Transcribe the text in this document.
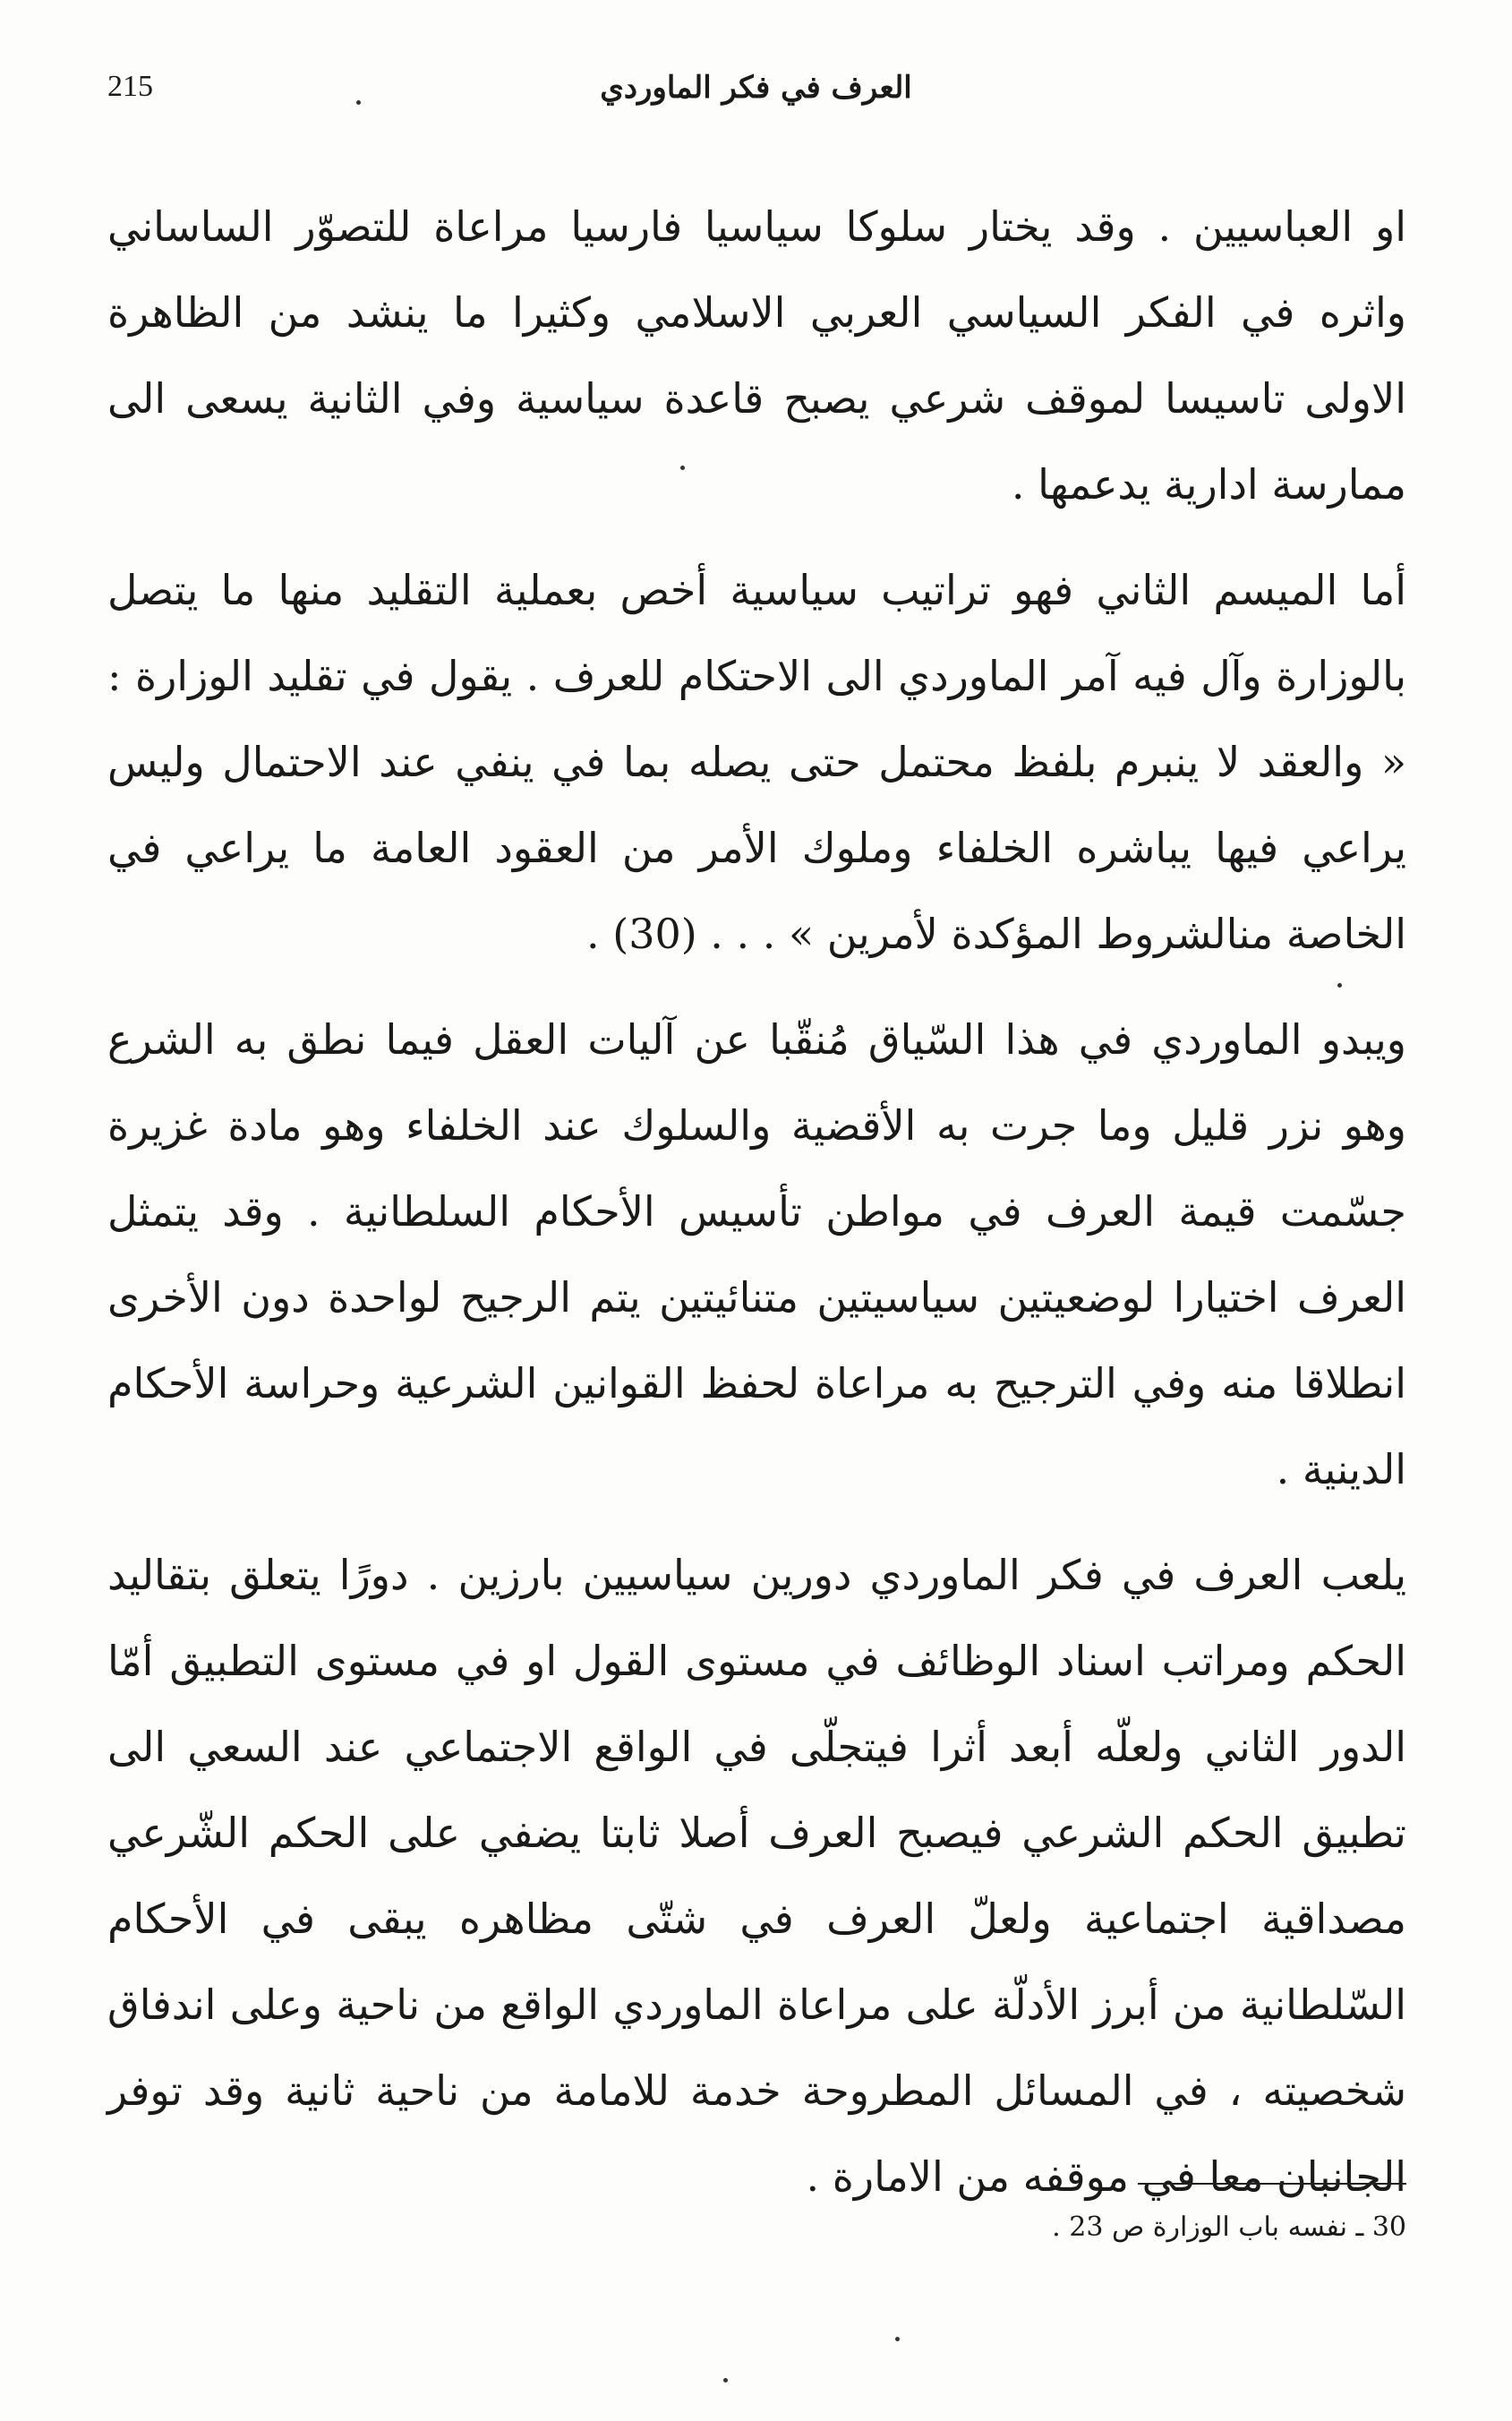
215	العرف في فكر الماوردي

او العباسيين . وقد يختار سلوكا سياسيا فارسيا مراعاة للتصوّر الساساني واثره في الفكر السياسي العربي الاسلامي وكثيرا ما ينشد من الظاهرة الاولى تاسيسا لموقف شرعي يصبح قاعدة سياسية وفي الثانية يسعى الى ممارسة ادارية يدعمها .

أما الميسم الثاني فهو تراتيب سياسية أخص بعملية التقليد منها ما يتصل بالوزارة وآل فيه آمر الماوردي الى الاحتكام للعرف . يقول في تقليد الوزارة : « والعقد لا ينبرم بلفظ محتمل حتى يصله بما في ينفي عند الاحتمال وليس يراعي فيها يباشره الخلفاء وملوك الأمر من العقود العامة ما يراعي في الخاصة منالشروط المؤكدة لأمرين » . . . (30) .

ويبدو الماوردي في هذا السّياق مُنقّبا عن آليات العقل فيما نطق به الشرع وهو نزر قليل وما جرت به الأقضية والسلوك عند الخلفاء وهو مادة غزيرة جسّمت قيمة العرف في مواطن تأسيس الأحكام السلطانية . وقد يتمثل العرف اختيارا لوضعيتين سياسيتين متنائيتين يتم الرجيح لواحدة دون الأخرى انطلاقا منه وفي الترجيح به مراعاة لحفظ القوانين الشرعية وحراسة الأحكام الدينية .

يلعب العرف في فكر الماوردي دورين سياسيين بارزين . دورًا يتعلق بتقاليد الحكم ومراتب اسناد الوظائف في مستوى القول او في مستوى التطبيق أمّا الدور الثاني ولعلّه أبعد أثرا فيتجلّى في الواقع الاجتماعي عند السعي الى تطبيق الحكم الشرعي فيصبح العرف أصلا ثابتا يضفي على الحكم الشّرعي مصداقية اجتماعية ولعلّ العرف في شتّى مظاهره يبقى في الأحكام السّلطانية من أبرز الأدلّة على مراعاة الماوردي الواقع من ناحية وعلى اندفاق شخصيته ، في المسائل المطروحة خدمة للامامة من ناحية ثانية وقد توفر الجانبان معا في موقفه من الامارة .

30 ـ نفسه باب الوزارة ص 23 .
